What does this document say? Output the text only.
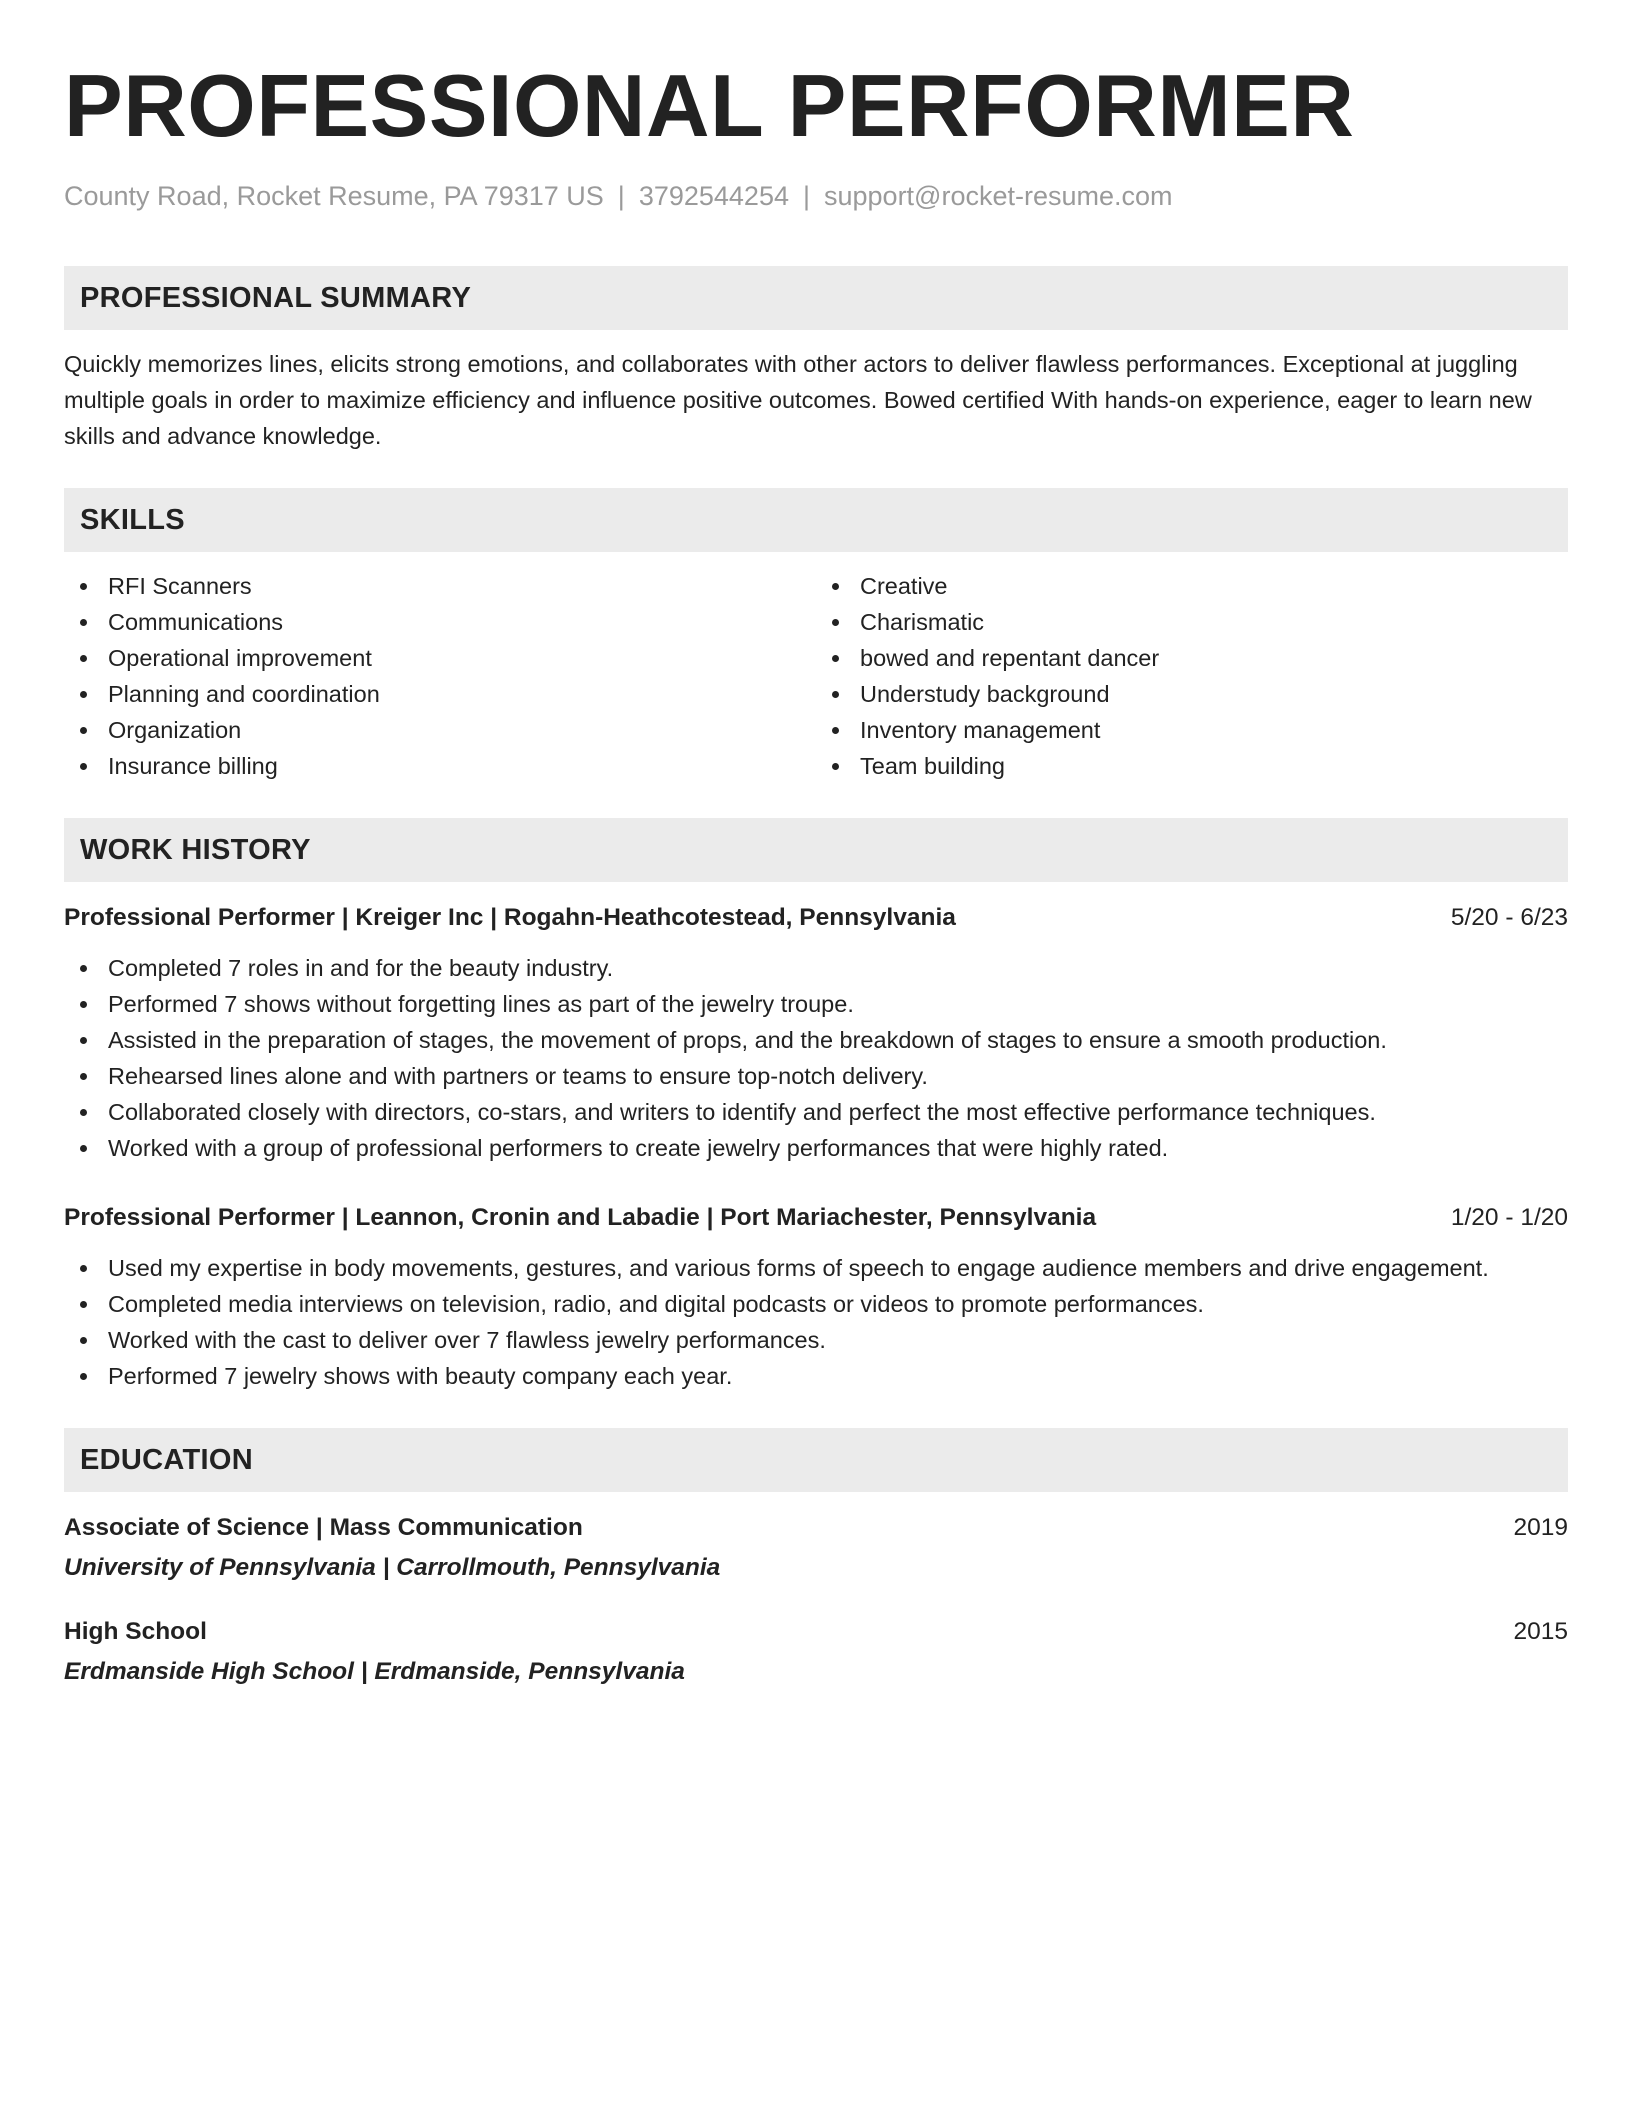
PROFESSIONAL PERFORMER
County Road, Rocket Resume, PA 79317 US | 3792544254 | support@rocket-resume.com
PROFESSIONAL SUMMARY

Quickly memorizes lines, elicits strong emotions, and collaborates with other actors to deliver flawless performances. Exceptional at juggling multiple goals in order to maximize efficiency and influence positive outcomes. Bowed certified With hands-on experience, eager to learn new skills and advance knowledge.

SKILLS
RFI Scanners
Communications
Operational improvement
Planning and coordination
Organization
Insurance billing
Creative
Charismatic
bowed and repentant dancer
Understudy background
Inventory management
Team building
WORK HISTORY
Professional Performer | Kreiger Inc | Rogahn-Heathcotestead, Pennsylvania	5/20 - 6/23
Completed 7 roles in and for the beauty industry.
Performed 7 shows without forgetting lines as part of the jewelry troupe.
Assisted in the preparation of stages, the movement of props, and the breakdown of stages to ensure a smooth production.
Rehearsed lines alone and with partners or teams to ensure top-notch delivery.
Collaborated closely with directors, co-stars, and writers to identify and perfect the most effective performance techniques.
Worked with a group of professional performers to create jewelry performances that were highly rated.
Professional Performer | Leannon, Cronin and Labadie | Port Mariachester, Pennsylvania	1/20 - 1/20
Used my expertise in body movements, gestures, and various forms of speech to engage audience members and drive engagement.
Completed media interviews on television, radio, and digital podcasts or videos to promote performances.
Worked with the cast to deliver over 7 flawless jewelry performances.
Performed 7 jewelry shows with beauty company each year.
EDUCATION
Associate of Science | Mass Communication	2019
University of Pennsylvania | Carrollmouth, Pennsylvania
High School	2015
Erdmanside High School | Erdmanside, Pennsylvania
